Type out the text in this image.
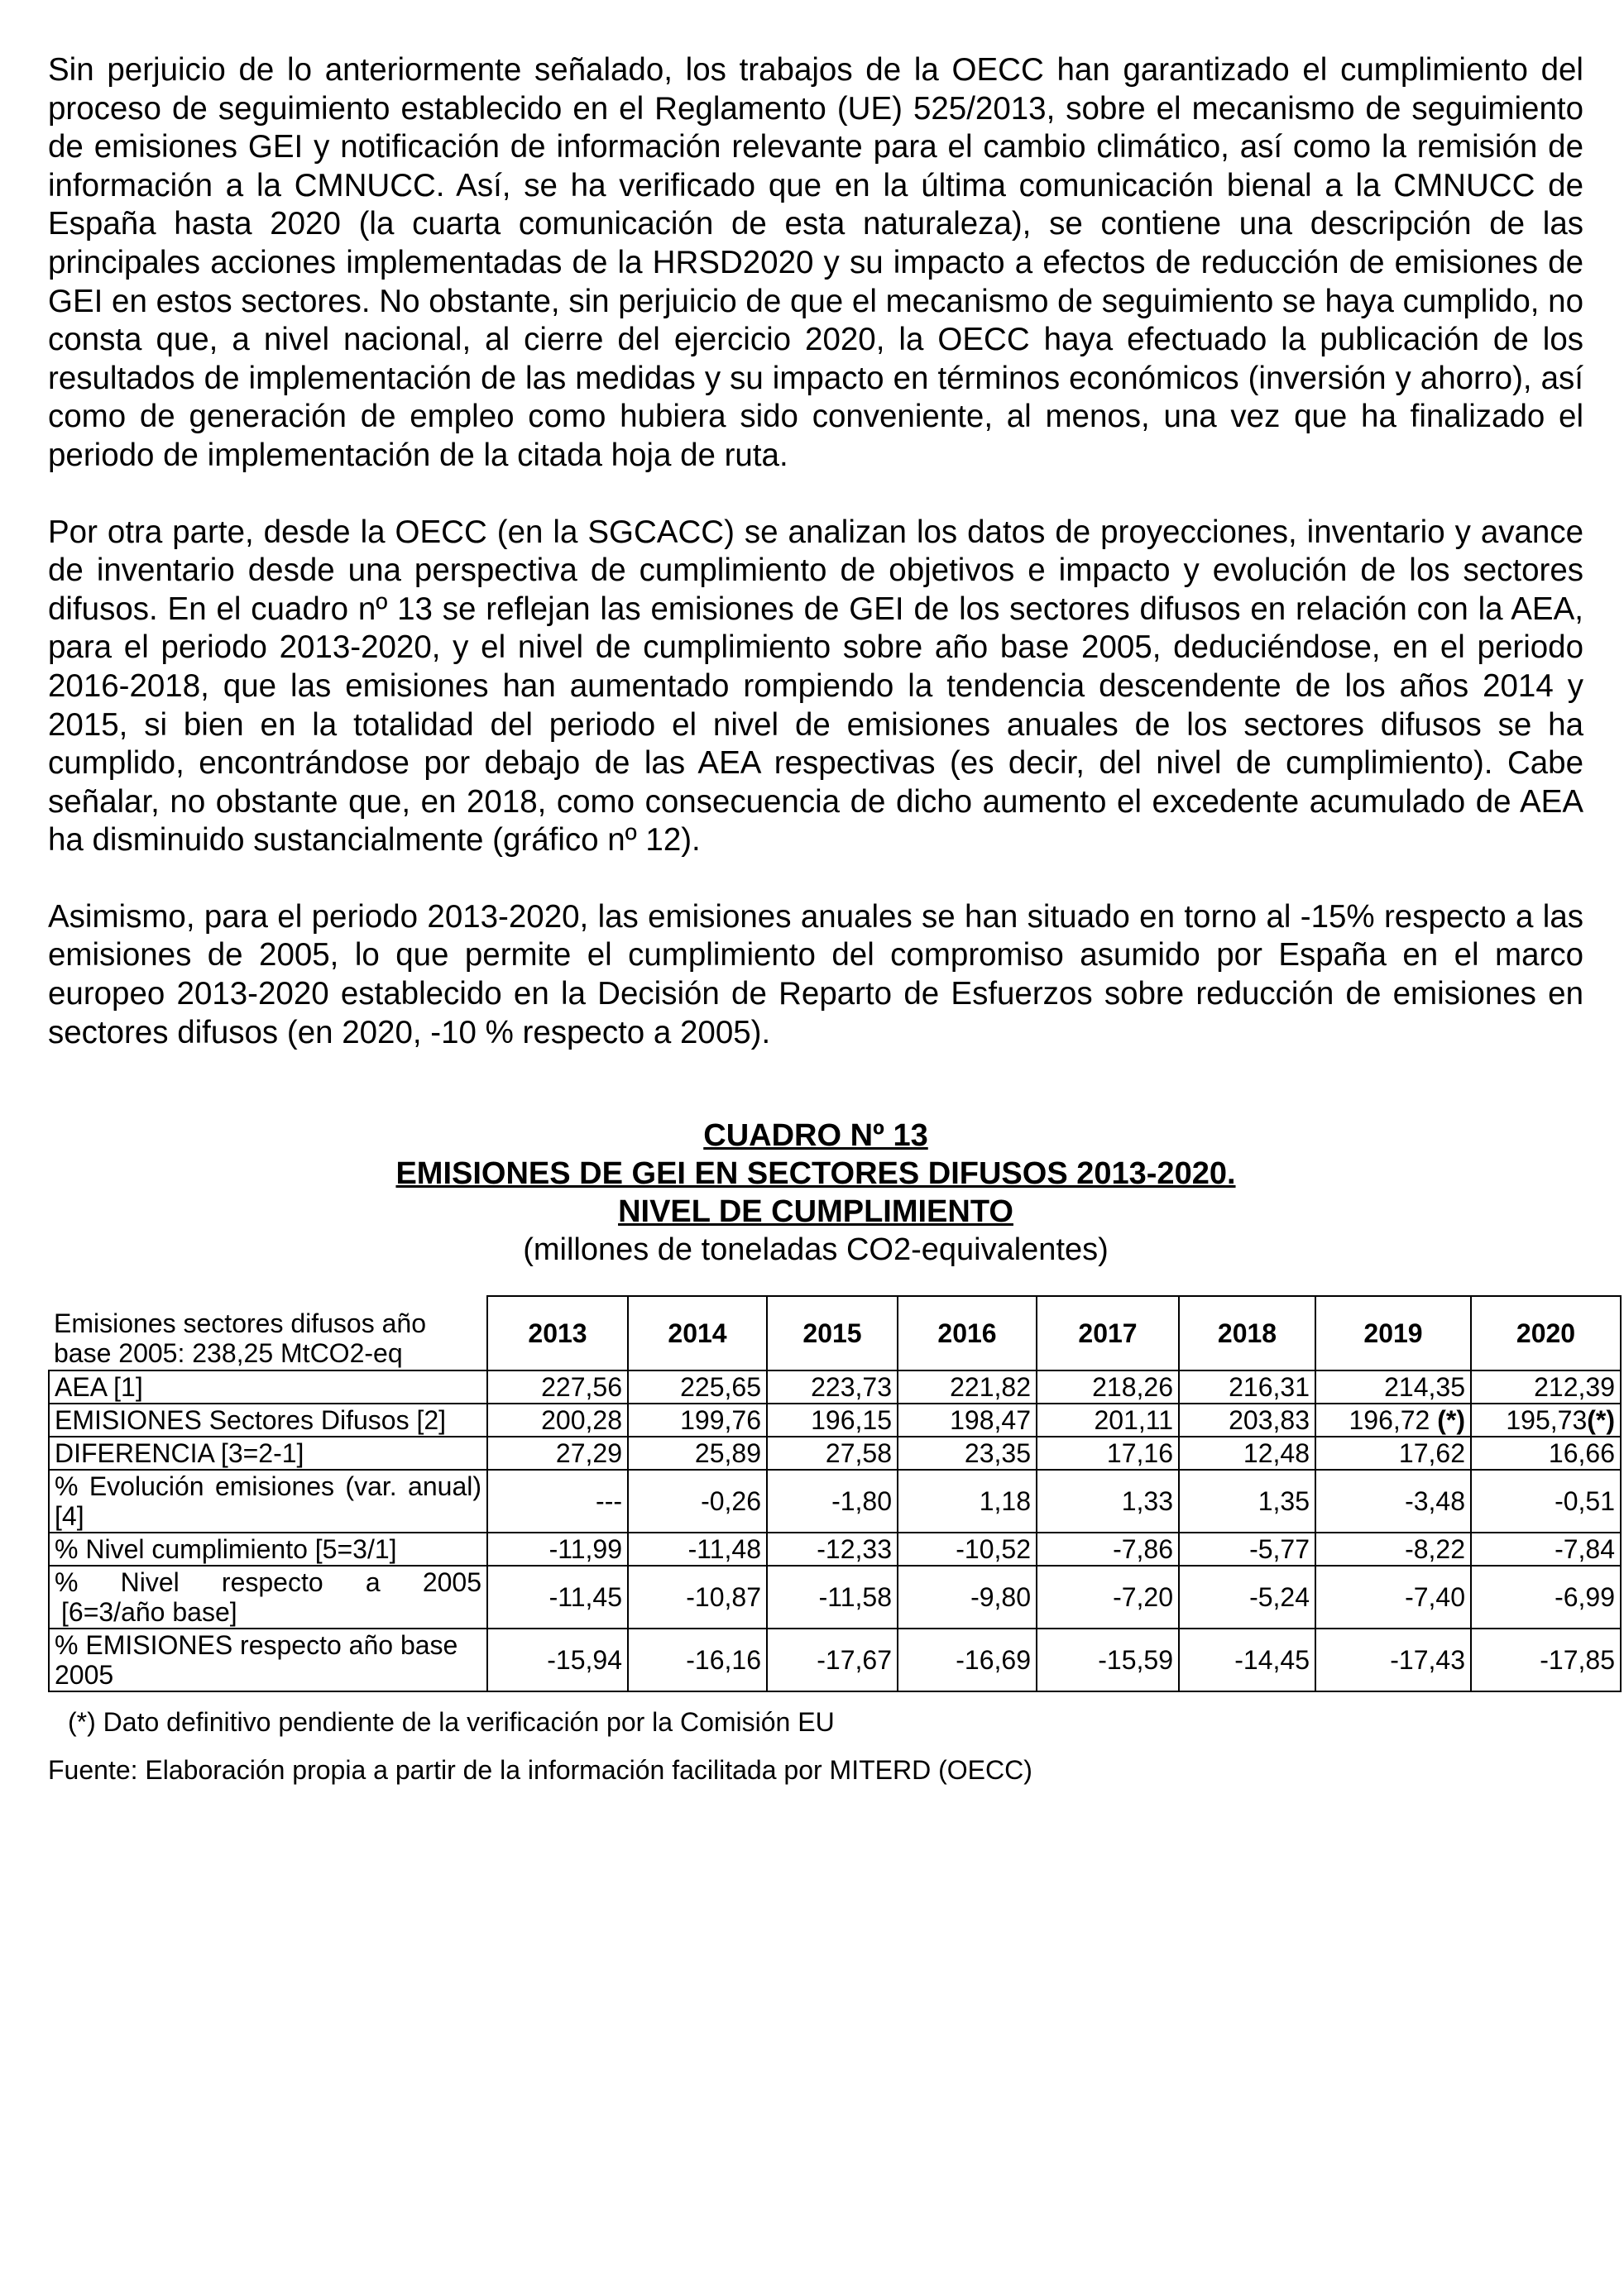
Sin perjuicio de lo anteriormente señalado, los trabajos de la OECC han garantizado el cumplimiento del proceso de seguimiento establecido en el Reglamento (UE) 525/2013, sobre el mecanismo de seguimiento de emisiones GEI y notificación de información relevante para el cambio climático, así como la remisión de información a la CMNUCC. Así, se ha verificado que en la última comunicación bienal a la CMNUCC de España hasta 2020 (la cuarta comunicación de esta naturaleza), se contiene una descripción de las principales acciones implementadas de la HRSD2020 y su impacto a efectos de reducción de emisiones de GEI en estos sectores. No obstante, sin perjuicio de que el mecanismo de seguimiento se haya cumplido, no consta que, a nivel nacional, al cierre del ejercicio 2020, la OECC haya efectuado la publicación de los resultados de implementación de las medidas y su impacto en términos económicos (inversión y ahorro), así como de generación de empleo como hubiera sido conveniente, al menos, una vez que ha finalizado el periodo de implementación de la citada hoja de ruta.

Por otra parte, desde la OECC (en la SGCACC) se analizan los datos de proyecciones, inventario y avance de inventario desde una perspectiva de cumplimiento de objetivos e impacto y evolución de los sectores difusos. En el cuadro nº 13 se reflejan las emisiones de GEI de los sectores difusos en relación con la AEA, para el periodo 2013-2020, y el nivel de cumplimiento sobre año base 2005, deduciéndose, en el periodo 2016-2018, que las emisiones han aumentado rompiendo la tendencia descendente de los años 2014 y 2015, si bien en la totalidad del periodo el nivel de emisiones anuales de los sectores difusos se ha cumplido, encontrándose por debajo de las AEA respectivas (es decir, del nivel de cumplimiento). Cabe señalar, no obstante que, en 2018, como consecuencia de dicho aumento el excedente acumulado de AEA ha disminuido sustancialmente (gráfico nº 12).

Asimismo, para el periodo 2013-2020, las emisiones anuales se han situado en torno al -15% respecto a las emisiones de 2005, lo que permite el cumplimiento del compromiso asumido por España en el marco europeo 2013-2020 establecido en la Decisión de Reparto de Esfuerzos sobre reducción de emisiones en sectores difusos (en 2020, -10 % respecto a 2005).

CUADRO Nº 13
EMISIONES DE GEI EN SECTORES DIFUSOS 2013-2020.
NIVEL DE CUMPLIMIENTO
(millones de toneladas CO2-equivalentes)
Emisiones sectores difusos año base 2005: 238,25 MtCO2-eq	2013	2014	2015	2016	2017	2018	2019	2020
AEA [1]	227,56	225,65	223,73	221,82	218,26	216,31	214,35	212,39
EMISIONES Sectores Difusos [2]	200,28	199,76	196,15	198,47	201,11	203,83	196,72 (*)	195,73(*)
DIFERENCIA [3=2-1]	27,29	25,89	27,58	23,35	17,16	12,48	17,62	16,66
% Evolución emisiones (var. anual) [4]	---	-0,26	-1,80	1,18	1,33	1,35	-3,48	-0,51
% Nivel cumplimiento [5=3/1]	-11,99	-11,48	-12,33	-10,52	-7,86	-5,77	-8,22	-7,84

% Nivel respecto a 2005
[6=3/año base]	-11,45	-10,87	-11,58	-9,80	-7,20	-5,24	-7,40	-6,99

% EMISIONES respecto año base
2005	-15,94	-16,16	-17,67	-16,69	-15,59	-14,45	-17,43	-17,85
(*) Dato definitivo pendiente de la verificación por la Comisión EU
Fuente: Elaboración propia a partir de la información facilitada por MITERD (OECC)
